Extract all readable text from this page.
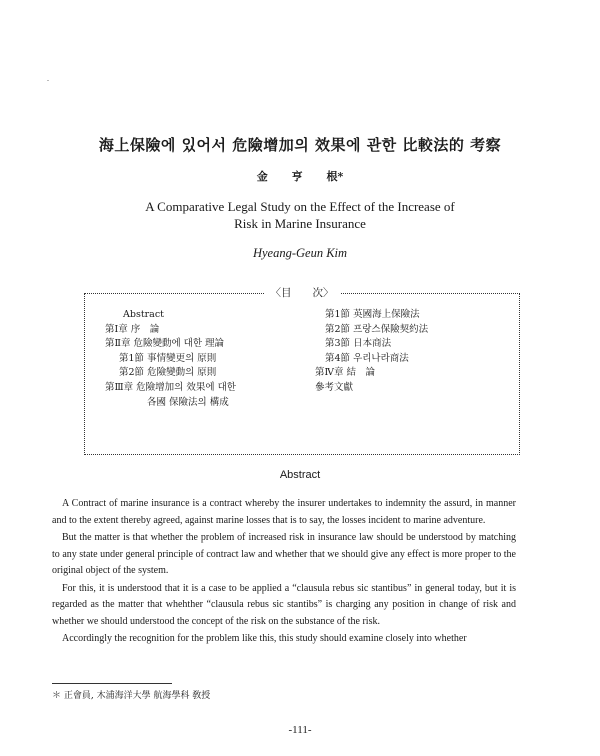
海上保險에 있어서 危險增加의 效果에 관한 比較法的 考察
金 亨 根*
A Comparative Legal Study on the Effect of the Increase of
Risk in Marine Insurance
Hyeang-Geun Kim
〈目　　次〉
Abstract
第Ⅰ章 序　論
第Ⅱ章 危險變動에 대한 理論
第1節 事情變更의 原則
第2節 危險變動의 原則
第Ⅲ章 危險增加의 效果에 대한
各國 保險法의 構成
第1節 英國海上保險法
第2節 프랑스保險契約法
第3節 日本商法
第4節 우리나라商法
第Ⅳ章 結　論
參考文獻
Abstract

A Contract of marine insurance is a contract whereby the insurer undertakes to indemnity the assurd, in manner and to the extent thereby agreed, against marine losses that is to say, the losses incident to marine adventure.

But the matter is that whether the problem of increased risk in insurance law should be understood by matching to any state under general principle of contract law and whether that we should give any effect is more proper to the original object of the system.

For this, it is understood that it is a case to be applied a “clausula rebus sic stantibus” in general today, but it is regarded as the matter that whehther “clausula rebus sic stantibs” is charging any position in change of risk and whether we should understood the concept of the risk on the substance of the risk.

Accordingly the recognition for the problem like this, this study should examine closely into whether

＊ 正會員, 木浦海洋大學 航海學科 敎授
-111-
